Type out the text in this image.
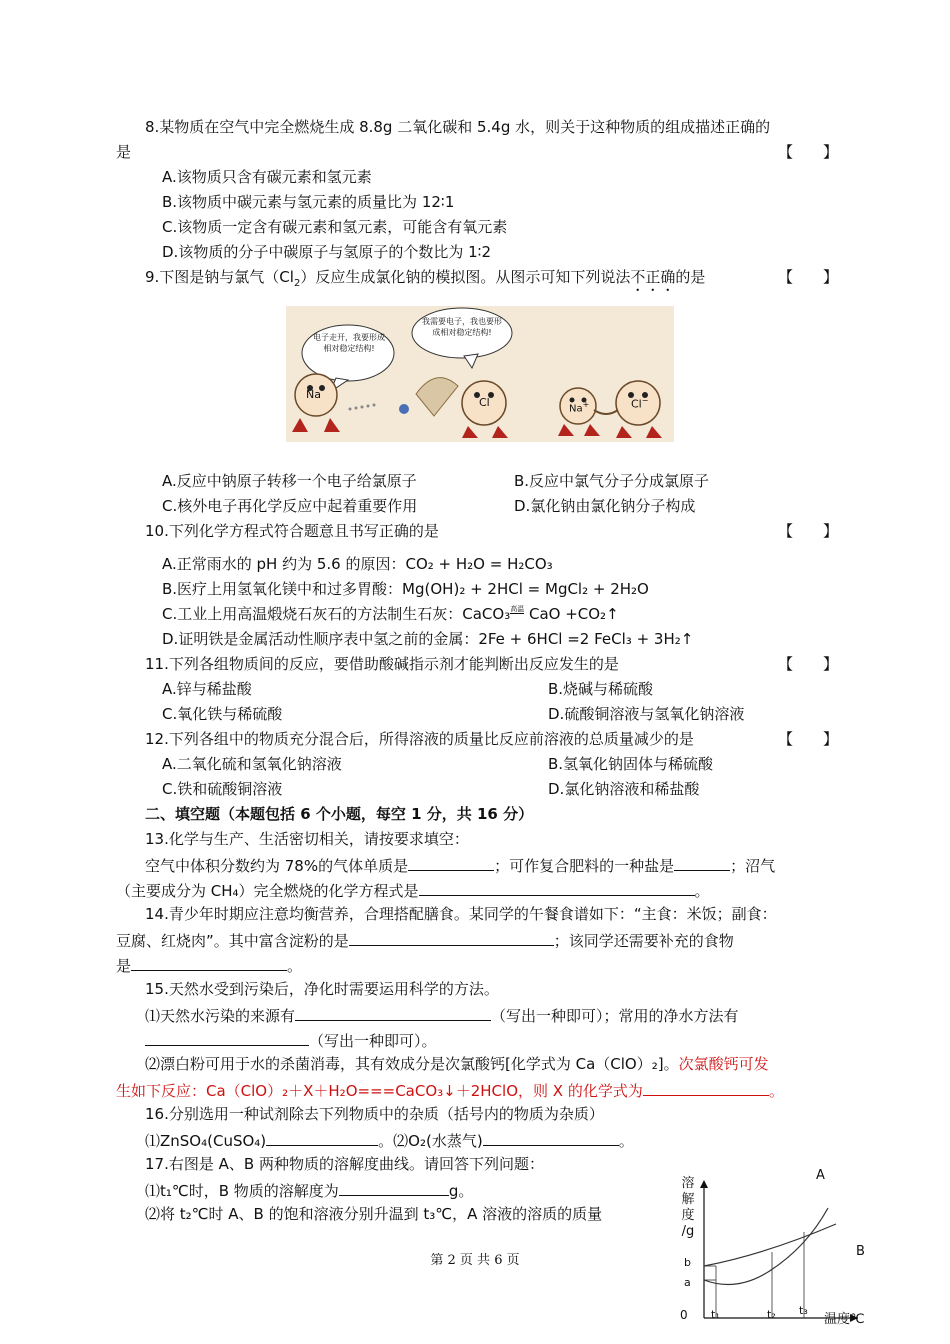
8.某物质在空气中完全燃烧生成 8.8g 二氧化碳和 5.4g 水，则关于这种物质的组成描述正确的
是	【　　】
A.该物质只含有碳元素和氢元素
B.该物质中碳元素与氢元素的质量比为 12∶1
C.该物质一定含有碳元素和氢元素，可能含有氧元素
D.该物质的分子中碳原子与氢原子的个数比为 1∶2
9.下图是钠与氯气$(Cl_2)$反应生成氯化钠的模拟图。从图示可知下列说法不正确的是	【　　】
电子走开，我要形成相对稳定结构!
我需要电子，我也要形成相对稳定结构!
Na
Cl	Na+	Cl−
A.反应中钠原子转移一个电子给氯原子	B.反应中氯气分子分成氯原子
C.核外电子再化学反应中起着重要作用	D.氯化钠由氯化钠分子构成
10.下列化学方程式符合题意且书写正确的是	【　　】
A.正常雨水的 pH 约为 5.6 的原因：CO₂ + H₂O = H₂CO₃
B.医疗上用氢氧化镁中和过多胃酸：Mg(OH)₂ + 2HCl = MgCl₂ + 2H₂O
C.工业上用高温煅烧石灰石的方法制生石灰：CaCO₃高温 CaO +CO₂↑
D.证明铁是金属活动性顺序表中氢之前的金属：2Fe + 6HCl =2 FeCl₃ + 3H₂↑
11.下列各组物质间的反应，要借助酸碱指示剂才能判断出反应发生的是	【　　】
A.锌与稀盐酸	B.烧碱与稀硫酸
C.氧化铁与稀硫酸	D.硫酸铜溶液与氢氧化钠溶液
12.下列各组中的物质充分混合后，所得溶液的质量比反应前溶液的总质量减少的是	【　　】
A.二氧化硫和氢氧化钠溶液	B.氢氧化钠固体与稀硫酸
C.铁和硫酸铜溶液	D.氯化钠溶液和稀盐酸
二、填空题（本题包括 6 个小题，每空 1 分，共 16 分）
13.化学与生产、生活密切相关，请按要求填空：
空气中体积分数约为 78%的气体单质是	；可作复合肥料的一种盐是	；沼气
（主要成分为 CH₄）完全燃烧的化学方程式是	。
14.青少年时期应注意均衡营养，合理搭配膳食。某同学的午餐食谱如下：“主食：米饭；副食：
豆腐、红烧肉”。其中富含淀粉的是	；该同学还需要补充的食物
是	。
15.天然水受到污染后，净化时需要运用科学的方法。
⑴天然水污染的来源有	（写出一种即可）；常用的净水方法有
（写出一种即可）。
⑵漂白粉可用于水的杀菌消毒，其有效成分是次氯酸钙[化学式为 Ca（ClO）₂]。次氯酸钙可发
生如下反应：Ca（ClO）₂＋X＋H₂O===CaCO₃↓＋2HClO，则 X 的化学式为	。
16.分别选用一种试剂除去下列物质中的杂质（括号内的物质为杂质）
⑴ZnSO₄(CuSO₄)	。⑵O₂(水蒸气)	。
17.右图是 A、B 两种物质的溶解度曲线。请回答下列问题：
⑴t₁℃时，B 物质的溶解度为	g。
⑵将 t₂℃时 A、B 的饱和溶液分别升温到 t₃℃，A 溶液的溶质的质量
溶
解
度
/g
温度℃
0
b
a
t₁	t₂ t₃
A
B
第 2 页 共 6 页
